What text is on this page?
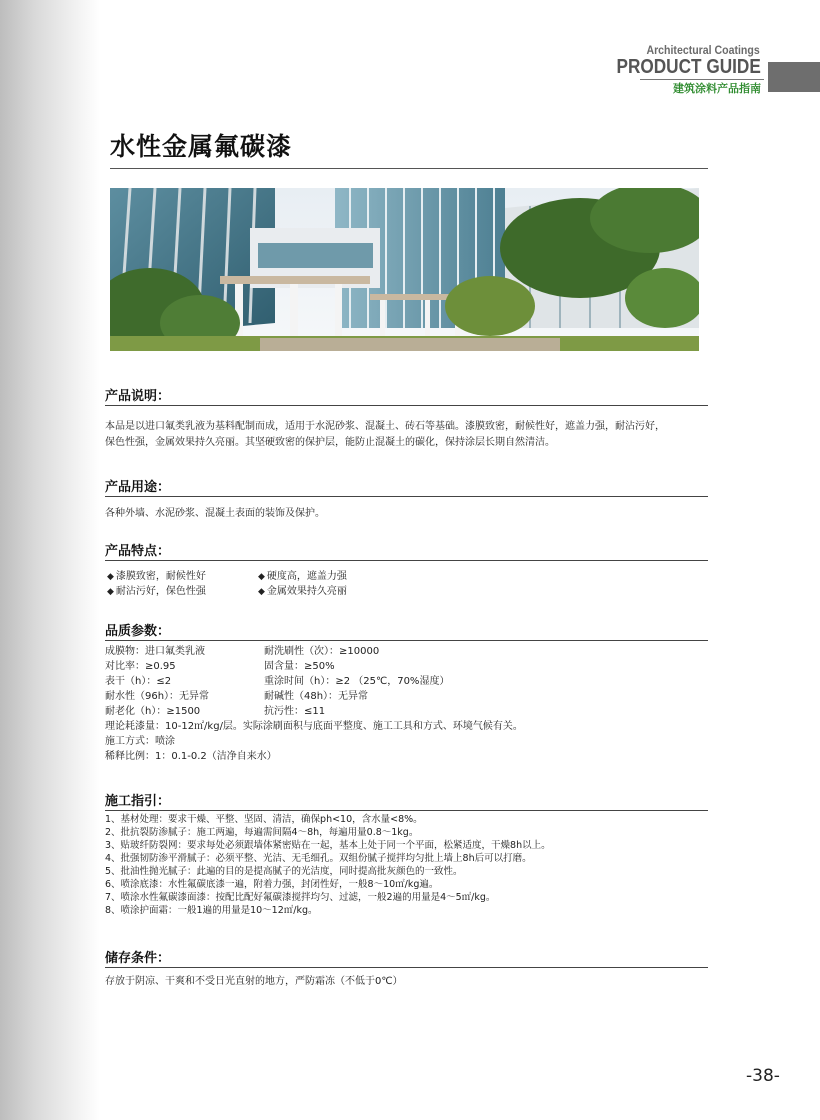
Architectural Coatings
PRODUCT GUIDE
建筑涂料产品指南
水性金属氟碳漆
产品说明：
本品是以进口氟类乳液为基料配制而成，适用于水泥砂浆、混凝土、砖石等基础。漆膜致密，耐候性好，遮盖力强，耐沾污好，
保色性强，金属效果持久亮丽。其坚硬致密的保护层，能防止混凝土的碳化，保持涂层长期自然清洁。
产品用途：
各种外墙、水泥砂浆、混凝土表面的装饰及保护。
产品特点：
◆ 漆膜致密，耐候性好	◆ 硬度高，遮盖力强
◆ 耐沾污好，保色性强	◆ 金属效果持久亮丽
品质参数：
成膜物：进口氟类乳液	耐洗刷性（次）：≥10000
对比率：≥0.95	固含量：≥50%
表干（h）：≤2	重涂时间（h）：≥2 （25℃，70%湿度）
耐水性（96h）：无异常	耐碱性（48h）：无异常
耐老化（h）：≥1500	抗污性：≤11
理论耗漆量：10-12㎡/kg/层。实际涂刷面积与底面平整度、施工工具和方式、环境气候有关。
施工方式：喷涂
稀释比例：1：0.1-0.2（洁净自来水）
施工指引：
1、基材处理：要求干燥、平整、坚固、清洁，确保ph<10，含水量<8%。
2、批抗裂防渗腻子：施工两遍，每遍需间隔4～8h，每遍用量0.8～1kg。
3、贴玻纤防裂网：要求每处必须跟墙体紧密贴在一起，基本上处于同一个平面，松紧适度，干燥8h以上。
4、批强韧防渗平滑腻子：必须平整、光洁、无毛细孔。双组份腻子搅拌均匀批上墙上8h后可以打磨。
5、批油性抛光腻子：此遍的目的是提高腻子的光洁度，同时提高批灰颜色的一致性。
6、喷涂底漆：水性氟碳底漆一遍，附着力强，封闭性好，一般8～10㎡/kg遍。
7、喷涂水性氟碳漆面漆：按配比配好氟碳漆搅拌均匀、过滤，一般2遍的用量是4～5㎡/kg。
8、喷涂护面霜：一般1遍的用量是10～12㎡/kg。
储存条件：
存放于阴凉、干爽和不受日光直射的地方，严防霜冻（不低于0℃）
-38-
